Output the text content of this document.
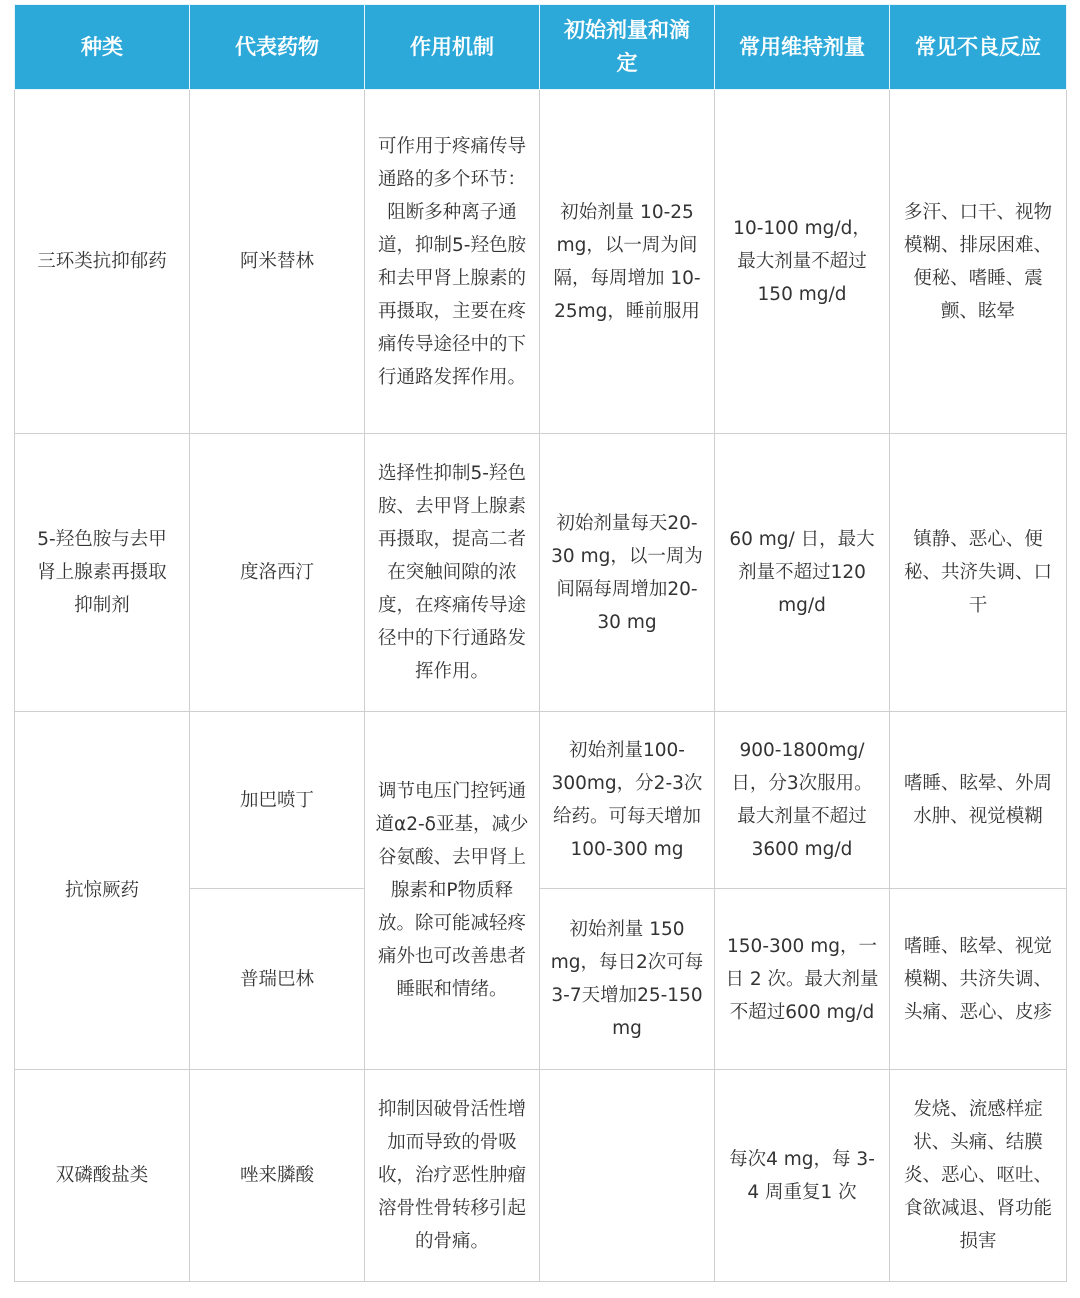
种类	代表药物	作用机制	初始剂量和滴定	常用维持剂量	常见不良反应
三环类抗抑郁药	阿米替林	可作用于疼痛传导通路的多个环节：阻断多种离子通道，抑制5-羟色胺和去甲肾上腺素的再摄取，主要在疼痛传导途径中的下行通路发挥作用。	初始剂量 10-25 mg，以一周为间隔，每周增加 10-25mg，睡前服用	10-100 mg/d，最大剂量不超过 150 mg/d	多汗、口干、视物模糊、排尿困难、便秘、嗜睡、震颤、眩晕
5-羟色胺与去甲肾上腺素再摄取抑制剂	度洛西汀	选择性抑制5-羟色胺、去甲肾上腺素再摄取，提高二者在突触间隙的浓度，在疼痛传导途径中的下行通路发挥作用。	初始剂量每天20-30 mg，以一周为间隔每周增加20-30 mg	60 mg/ 日，最大剂量不超过120 mg/d	镇静、恶心、便秘、共济失调、口干
抗惊厥药	加巴喷丁	调节电压门控钙通道α2-δ亚基，减少谷氨酸、去甲肾上腺素和P物质释放。除可能减轻疼痛外也可改善患者睡眠和情绪。	初始剂量100-300mg，分2-3次给药。可每天增加100-300 mg	900-1800mg/日，分3次服用。最大剂量不超过3600 mg/d	嗜睡、眩晕、外周水肿、视觉模糊
	普瑞巴林		初始剂量 150 mg，每日2次可每3-7天增加25-150 mg	150-300 mg，一日 2 次。最大剂量不超过600 mg/d	嗜睡、眩晕、视觉模糊、共济失调、头痛、恶心、皮疹
双磷酸盐类	唑来膦酸	抑制因破骨活性增加而导致的骨吸收，治疗恶性肿瘤溶骨性骨转移引起的骨痛。		每次4 mg，每 3-4 周重复1 次	发烧、流感样症状、头痛、结膜炎、恶心、呕吐、食欲减退、肾功能损害
